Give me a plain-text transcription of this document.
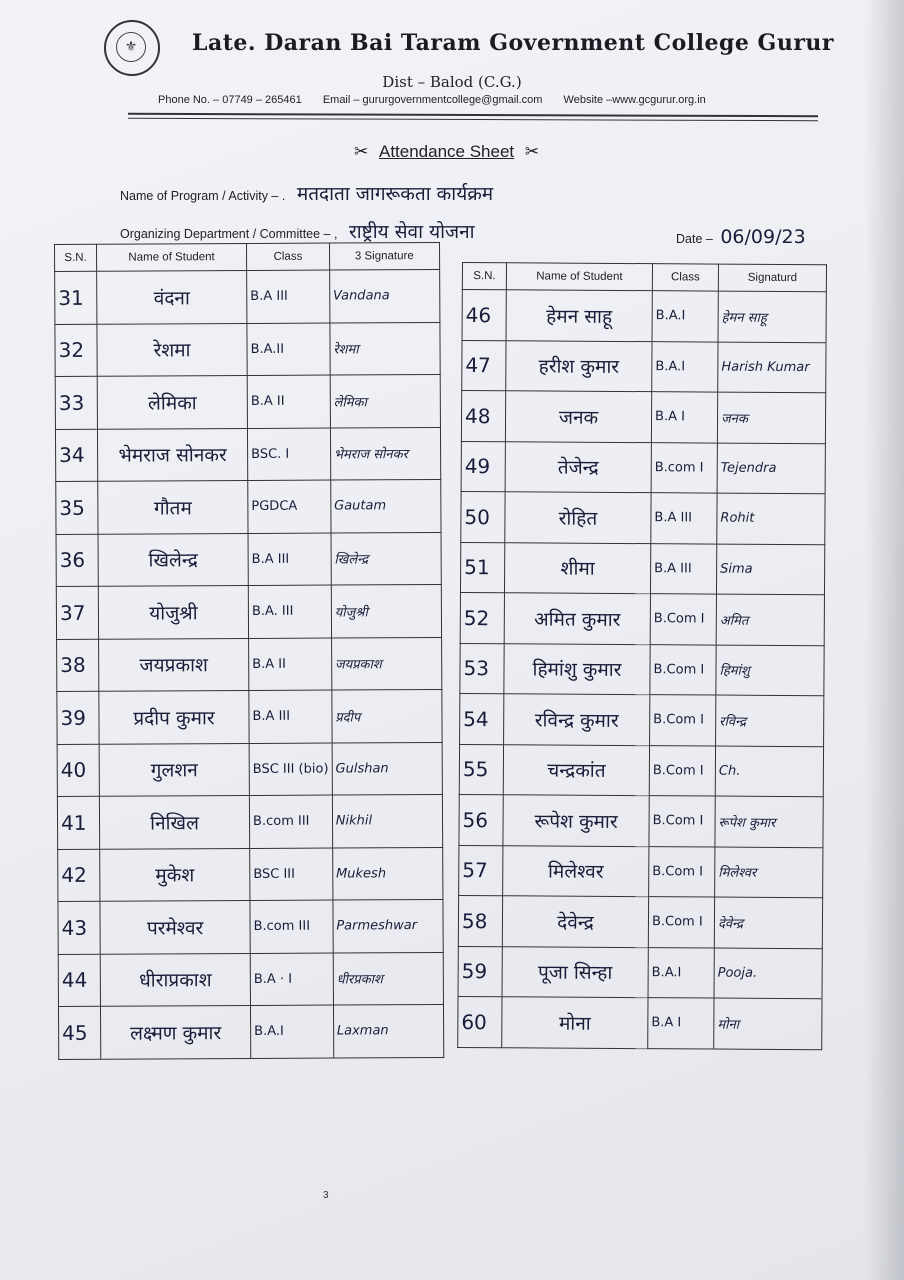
⚜	Late. Daran Bai Taram Government College Gurur
Dist – Balod (C.G.)
Phone No. – 07749 – 265461 Email – gururgovernmentcollege@gmail.com Website –www.gcgurur.org.in
✂ Attendance Sheet ✂
Name of Program / Activity – . मतदाता जागरूकता कार्यक्रम
Organizing Department / Committee – , राष्ट्रीय सेवा योजना	Date – 06/09/23
S.N.	Name of Student	Class	3 Signature
31	वंदना	B.A III	Vandana
32	रेशमा	B.A.II	रेशमा
33	लेमिका	B.A II	लेमिका
34	भेमराज सोनकर	BSC. I	भेमराज सोनकर
35	गौतम	PGDCA	Gautam
36	खिलेन्द्र	B.A III	खिलेन्द्र
37	योजुश्री	B.A. III	योजुश्री
38	जयप्रकाश	B.A II	जयप्रकाश
39	प्रदीप कुमार	B.A III	प्रदीप
40	गुलशन	BSC III (bio)	Gulshan
41	निखिल	B.com III	Nikhil
42	मुकेश	BSC III	Mukesh
43	परमेश्वर	B.com III	Parmeshwar
44	धीराप्रकाश	B.A · I	धीरप्रकाश
45	लक्ष्मण कुमार	B.A.I	Laxman
S.N.	Name of Student	Class	Signaturd
46	हेमन साहू	B.A.I	हेमन साहू
47	हरीश कुमार	B.A.I	Harish Kumar
48	जनक	B.A I	जनक
49	तेजेन्द्र	B.com I	Tejendra
50	रोहित	B.A III	Rohit
51	शीमा	B.A III	Sima
52	अमित कुमार	B.Com I	अमित
53	हिमांशु कुमार	B.Com I	हिमांशु
54	रविन्द्र कुमार	B.Com I	रविन्द्र
55	चन्द्रकांत	B.Com I	Ch.
56	रूपेश कुमार	B.Com I	रूपेश कुमार
57	मिलेश्वर	B.Com I	मिलेश्वर
58	देवेन्द्र	B.Com I	देवेन्द्र
59	पूजा सिन्हा	B.A.I	Pooja.
60	मोना	B.A I	मोना
3
